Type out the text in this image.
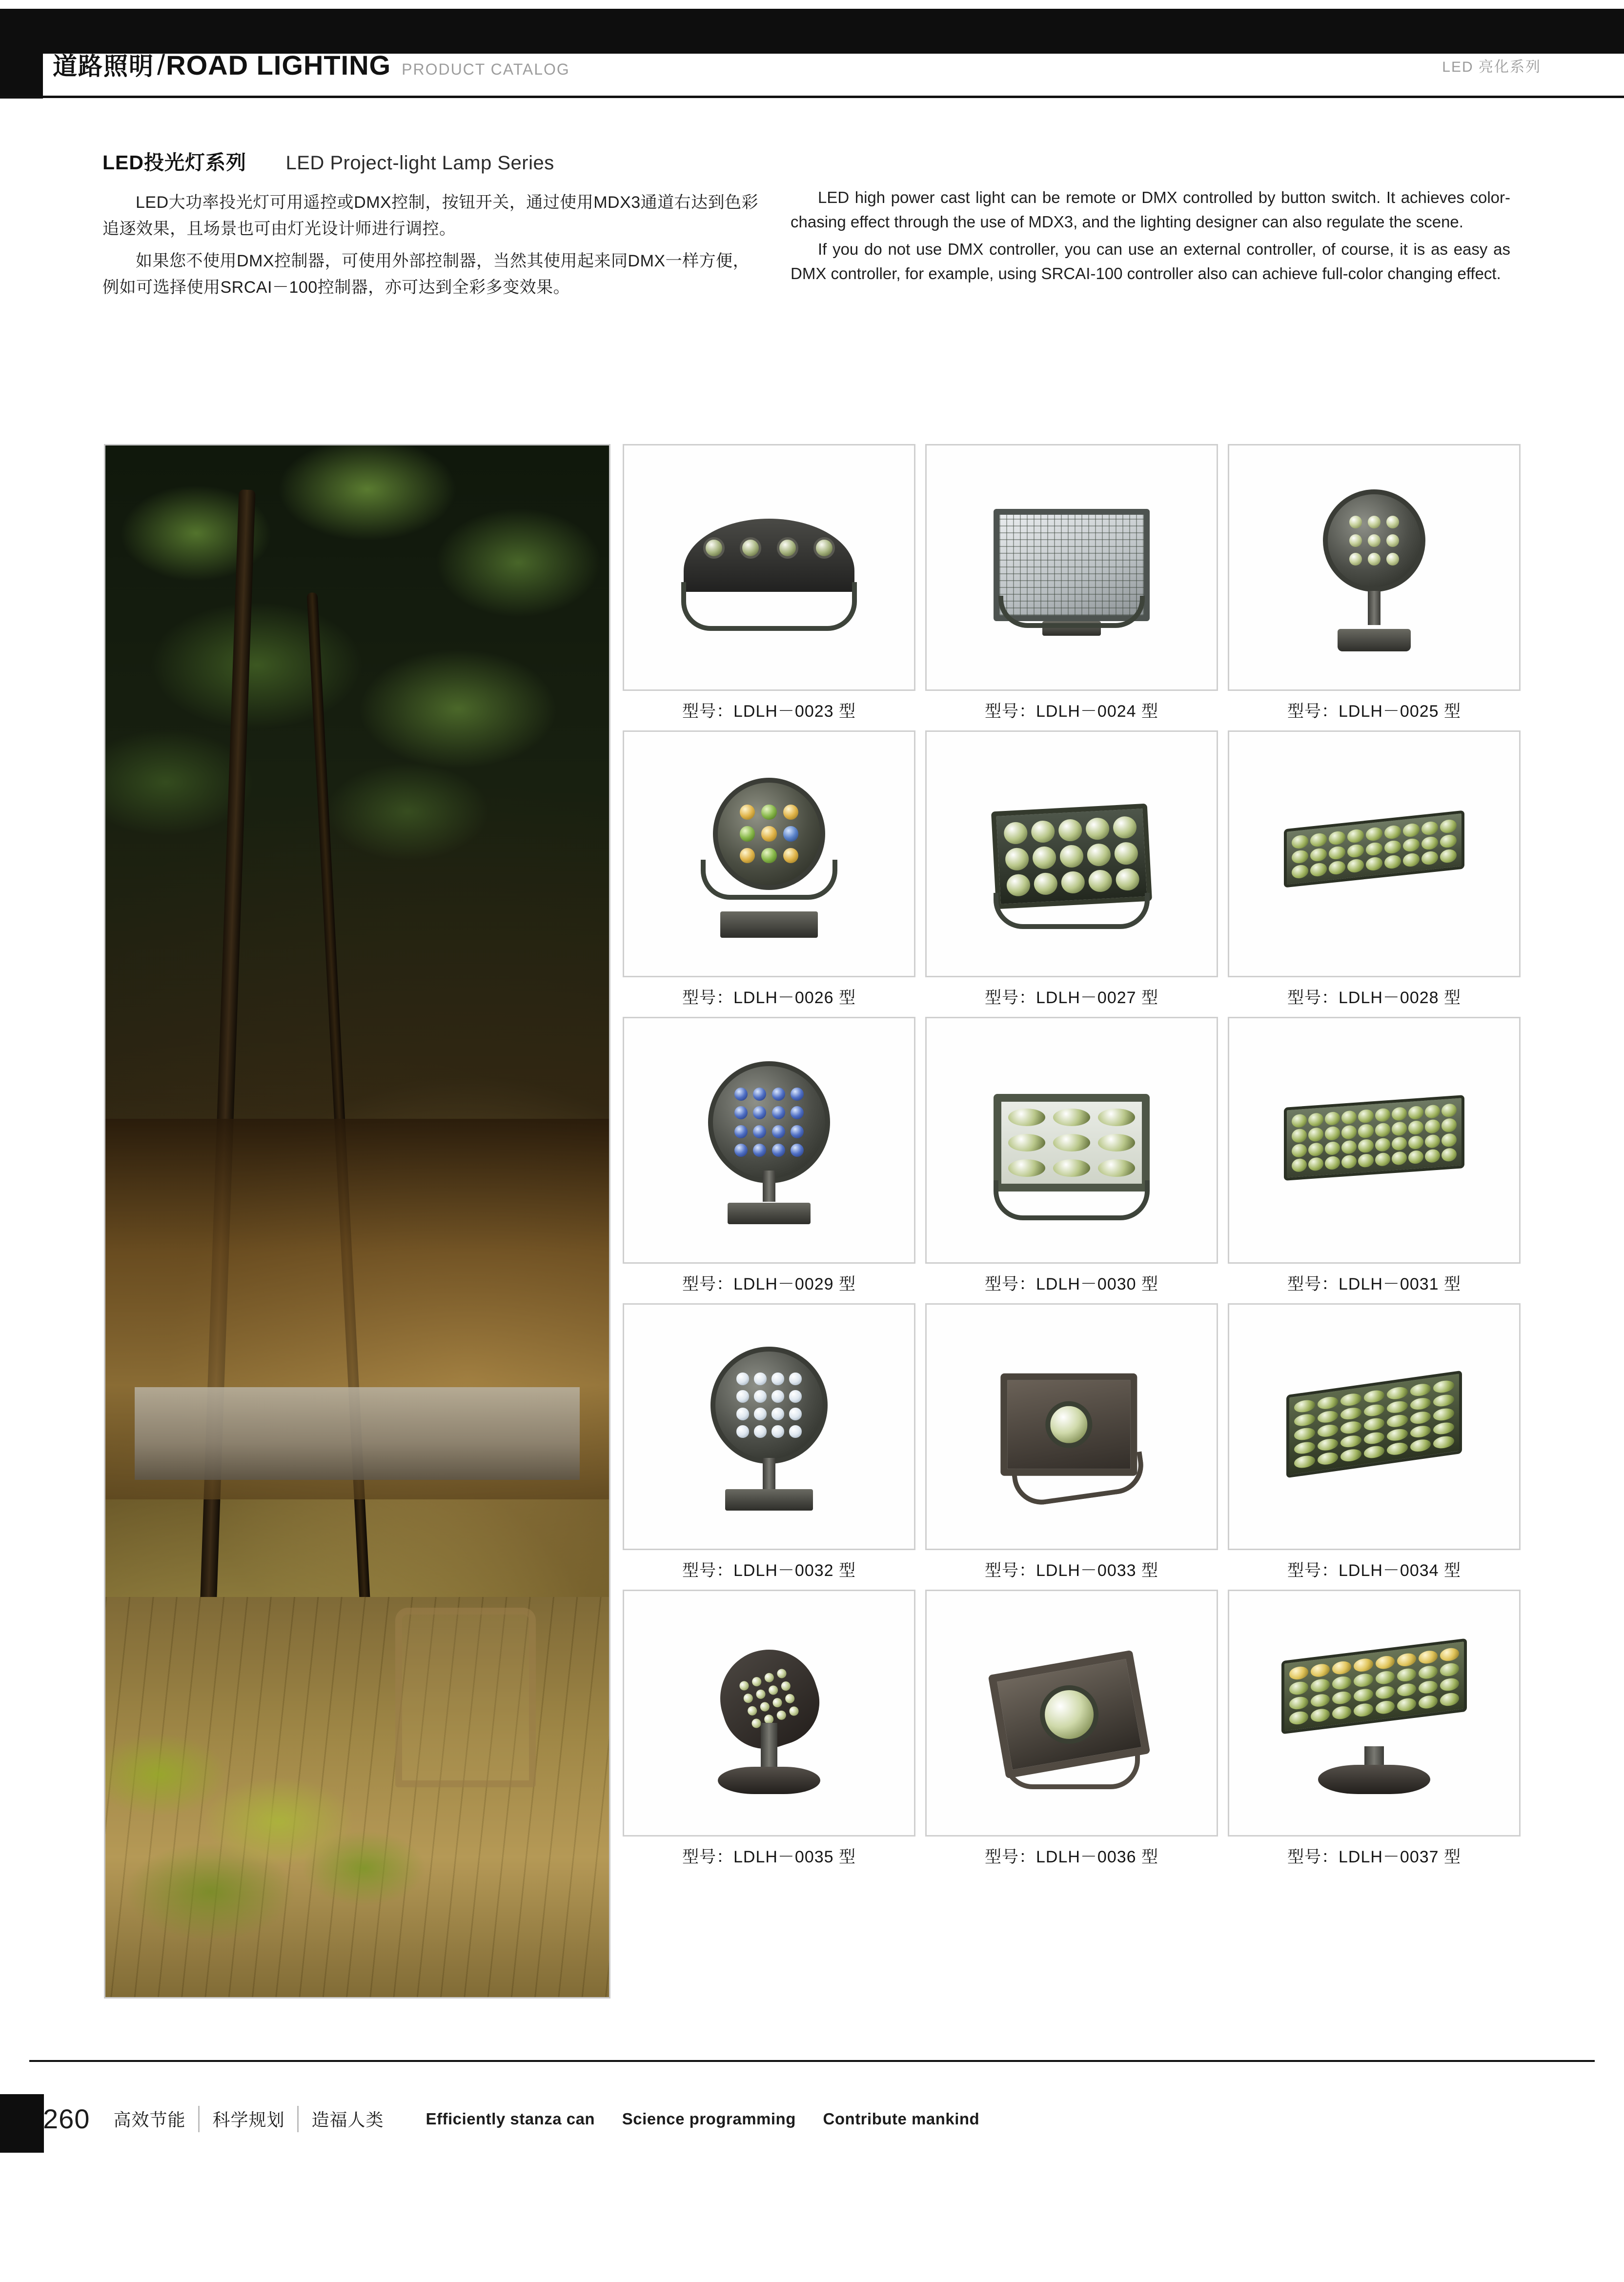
道路照明 / ROAD LIGHTING PRODUCT CATALOG	LED 亮化系列
LED投光灯系列 LED Project-light Lamp Series

LED大功率投光灯可用遥控或DMX控制，按钮开关，通过使用MDX3通道右达到色彩追逐效果，且场景也可由灯光设计师进行调控。

如果您不使用DMX控制器，可使用外部控制器，当然其使用起来同DMX一样方便，例如可选择使用SRCAI－100控制器，亦可达到全彩多变效果。

LED high power cast light can be remote or DMX controlled by button switch. It achieves color-chasing effect through the use of MDX3, and the lighting designer can also regulate the scene.

If you do not use DMX controller, you can use an external controller, of course, it is as easy as DMX controller, for example, using SRCAI-100 controller also can achieve full-color changing effect.

型号：LDLH－0023 型	型号：LDLH－0024 型	型号：LDLH－0025 型
型号：LDLH－0026 型	型号：LDLH－0027 型	型号：LDLH－0028 型
型号：LDLH－0029 型	型号：LDLH－0030 型	型号：LDLH－0031 型
型号：LDLH－0032 型	型号：LDLH－0033 型	型号：LDLH－0034 型
型号：LDLH－0035 型	型号：LDLH－0036 型	型号：LDLH－0037 型
260	高效节能	科学规划	造福人类	Efficiently stanza can Science programming Contribute mankind
